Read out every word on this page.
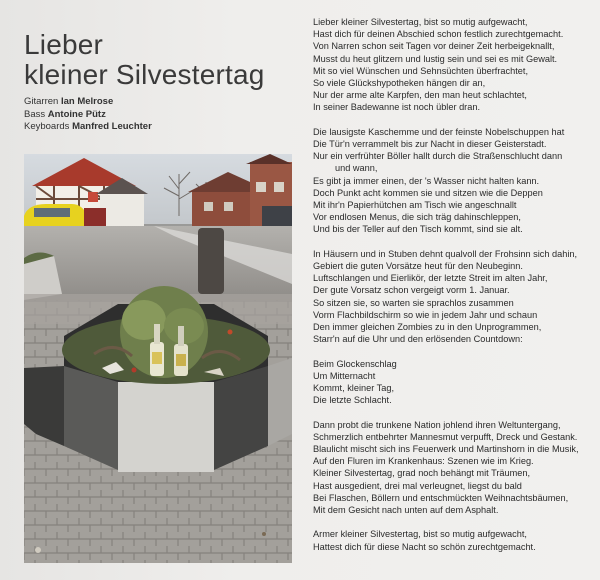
Lieber
kleiner Silvestertag
Gitarren Ian Melrose
Bass Antoine Pütz
Keyboards Manfred Leuchter
Lieber kleiner Silvestertag, bist so mutig aufgewacht,
Hast dich für deinen Abschied schon festlich zurechtgemacht.
Von Narren schon seit Tagen vor deiner Zeit herbeigeknallt,
Musst du heut glitzern und lustig sein und sei es mit Gewalt.
Mit so viel Wünschen und Sehnsüchten überfrachtet,
So viele Glückshypotheken hängen dir an,
Nur der arme alte Karpfen, den man heut schlachtet,
In seiner Badewanne ist noch übler dran.
Die lausigste Kaschemme und der feinste Nobelschuppen hat
Die Tür'n verrammelt bis zur Nacht in dieser Geisterstadt.
Nur ein verfrühter Böller hallt durch die Straßenschlucht dann
und wann,
Es gibt ja immer einen, der 's Wasser nicht halten kann.
Doch Punkt acht kommen sie und sitzen wie die Deppen
Mit ihr'n Papierhütchen am Tisch wie angeschnallt
Vor endlosen Menus, die sich träg dahinschleppen,
Und bis der Teller auf den Tisch kommt, sind sie alt.
In Häusern und in Stuben dehnt qualvoll der Frohsinn sich dahin,
Gebiert die guten Vorsätze heut für den Neubeginn.
Luftschlangen und Eierlikör, der letzte Streit im alten Jahr,
Der gute Vorsatz schon vergeigt vorm 1. Januar.
So sitzen sie, so warten sie sprachlos zusammen
Vorm Flachbildschirm so wie in jedem Jahr und schaun
Den immer gleichen Zombies zu in den Unprogrammen,
Starr'n auf die Uhr und den erlösenden Countdown:
Beim Glockenschlag
Um Mitternacht
Kommt, kleiner Tag,
Die letzte Schlacht.
Dann probt die trunkene Nation johlend ihren Weltuntergang,
Schmerzlich entbehrter Mannesmut verpufft, Dreck und Gestank.
Blaulicht mischt sich ins Feuerwerk und Martinshorn in die Musik,
Auf den Fluren im Krankenhaus: Szenen wie im Krieg.
Kleiner Silvestertag, grad noch behängt mit Träumen,
Hast ausgedient, drei mal verleugnet, liegst du bald
Bei Flaschen, Böllern und entschmückten Weihnachtsbäumen,
Mit dem Gesicht nach unten auf dem Asphalt.
Armer kleiner Silvestertag, bist so mutig aufgewacht,
Hattest dich für diese Nacht so schön zurechtgemacht.
